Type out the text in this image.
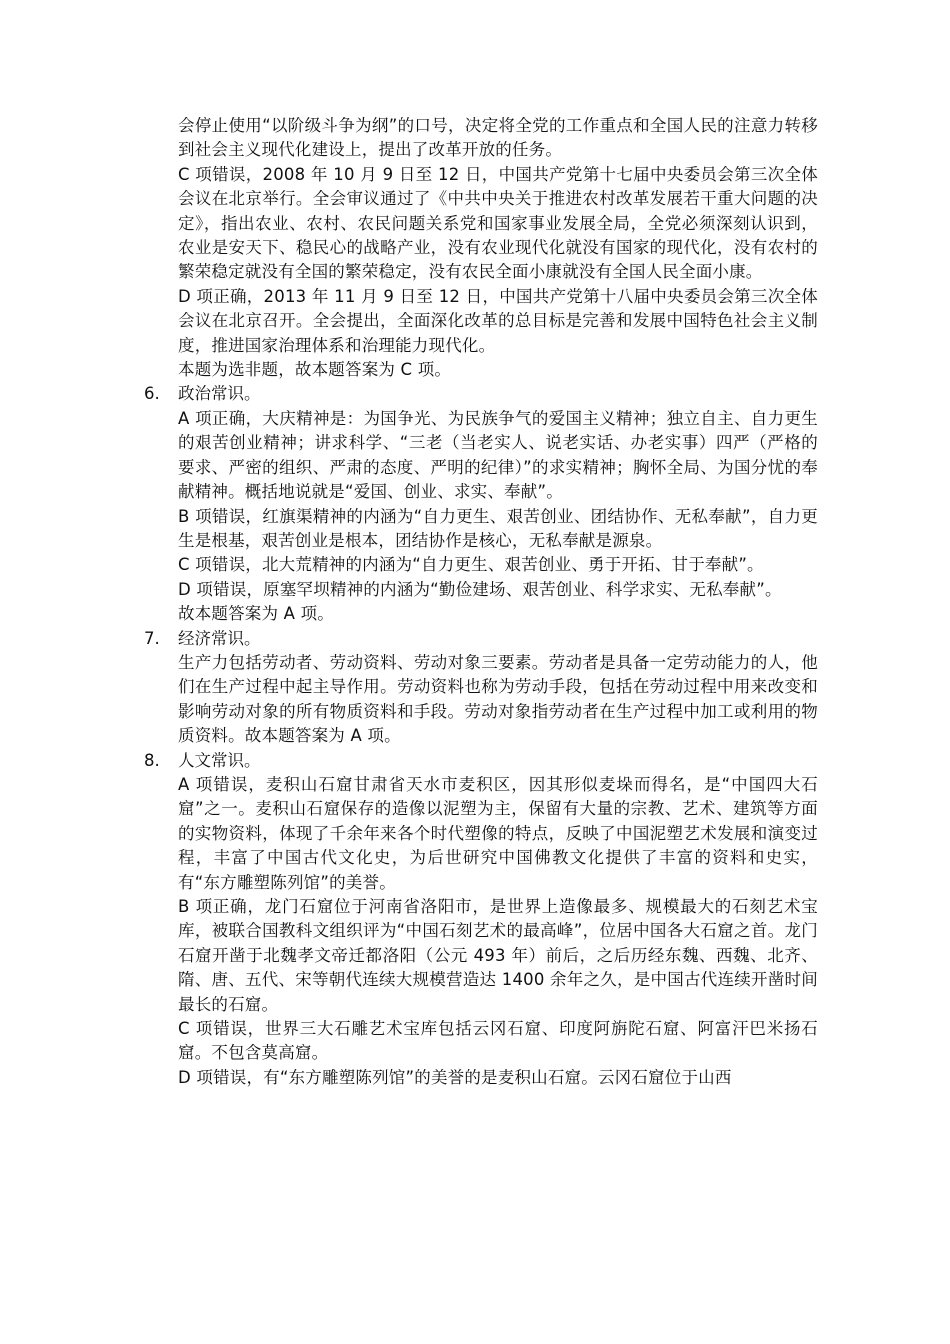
会停止使用“以阶级斗争为纲”的口号，决定将全党的工作重点和全国人民的注意力转移到社会主义现代化建设上，提出了改革开放的任务。

C 项错误，2008 年 10 月 9 日至 12 日，中国共产党第十七届中央委员会第三次全体会议在北京举行。全会审议通过了《中共中央关于推进农村改革发展若干重大问题的决定》，指出农业、农村、农民问题关系党和国家事业发展全局，全党必须深刻认识到，农业是安天下、稳民心的战略产业，没有农业现代化就没有国家的现代化，没有农村的繁荣稳定就没有全国的繁荣稳定，没有农民全面小康就没有全国人民全面小康。

D 项正确，2013 年 11 月 9 日至 12 日，中国共产党第十八届中央委员会第三次全体会议在北京召开。全会提出，全面深化改革的总目标是完善和发展中国特色社会主义制度，推进国家治理体系和治理能力现代化。

本题为选非题，故本题答案为 C 项。

6.	政治常识。

A 项正确，大庆精神是：为国争光、为民族争气的爱国主义精神；独立自主、自力更生的艰苦创业精神；讲求科学、“三老（当老实人、说老实话、办老实事）四严（严格的要求、严密的组织、严肃的态度、严明的纪律）”的求实精神；胸怀全局、为国分忧的奉献精神。概括地说就是“爱国、创业、求实、奉献”。

B 项错误，红旗渠精神的内涵为“自力更生、艰苦创业、团结协作、无私奉献”，自力更生是根基，艰苦创业是根本，团结协作是核心，无私奉献是源泉。

C 项错误，北大荒精神的内涵为“自力更生、艰苦创业、勇于开拓、甘于奉献”。

D 项错误，原塞罕坝精神的内涵为“勤俭建场、艰苦创业、科学求实、无私奉献”。

故本题答案为 A 项。

7.	经济常识。

生产力包括劳动者、劳动资料、劳动对象三要素。劳动者是具备一定劳动能力的人，他们在生产过程中起主导作用。劳动资料也称为劳动手段，包括在劳动过程中用来改变和影响劳动对象的所有物质资料和手段。劳动对象指劳动者在生产过程中加工或利用的物质资料。故本题答案为 A 项。

8.	人文常识。

A 项错误，麦积山石窟甘肃省天水市麦积区，因其形似麦垛而得名，是“中国四大石窟”之一。麦积山石窟保存的造像以泥塑为主，保留有大量的宗教、艺术、建筑等方面的实物资料，体现了千余年来各个时代塑像的特点，反映了中国泥塑艺术发展和演变过程，丰富了中国古代文化史，为后世研究中国佛教文化提供了丰富的资料和史实，有“东方雕塑陈列馆”的美誉。

B 项正确，龙门石窟位于河南省洛阳市，是世界上造像最多、规模最大的石刻艺术宝库，被联合国教科文组织评为“中国石刻艺术的最高峰”，位居中国各大石窟之首。龙门石窟开凿于北魏孝文帝迁都洛阳（公元 493 年）前后，之后历经东魏、西魏、北齐、隋、唐、五代、宋等朝代连续大规模营造达 1400 余年之久，是中国古代连续开凿时间最长的石窟。

C 项错误，世界三大石雕艺术宝库包括云冈石窟、印度阿旃陀石窟、阿富汗巴米扬石窟。不包含莫高窟。

D 项错误，有“东方雕塑陈列馆”的美誉的是麦积山石窟。云冈石窟位于山西
